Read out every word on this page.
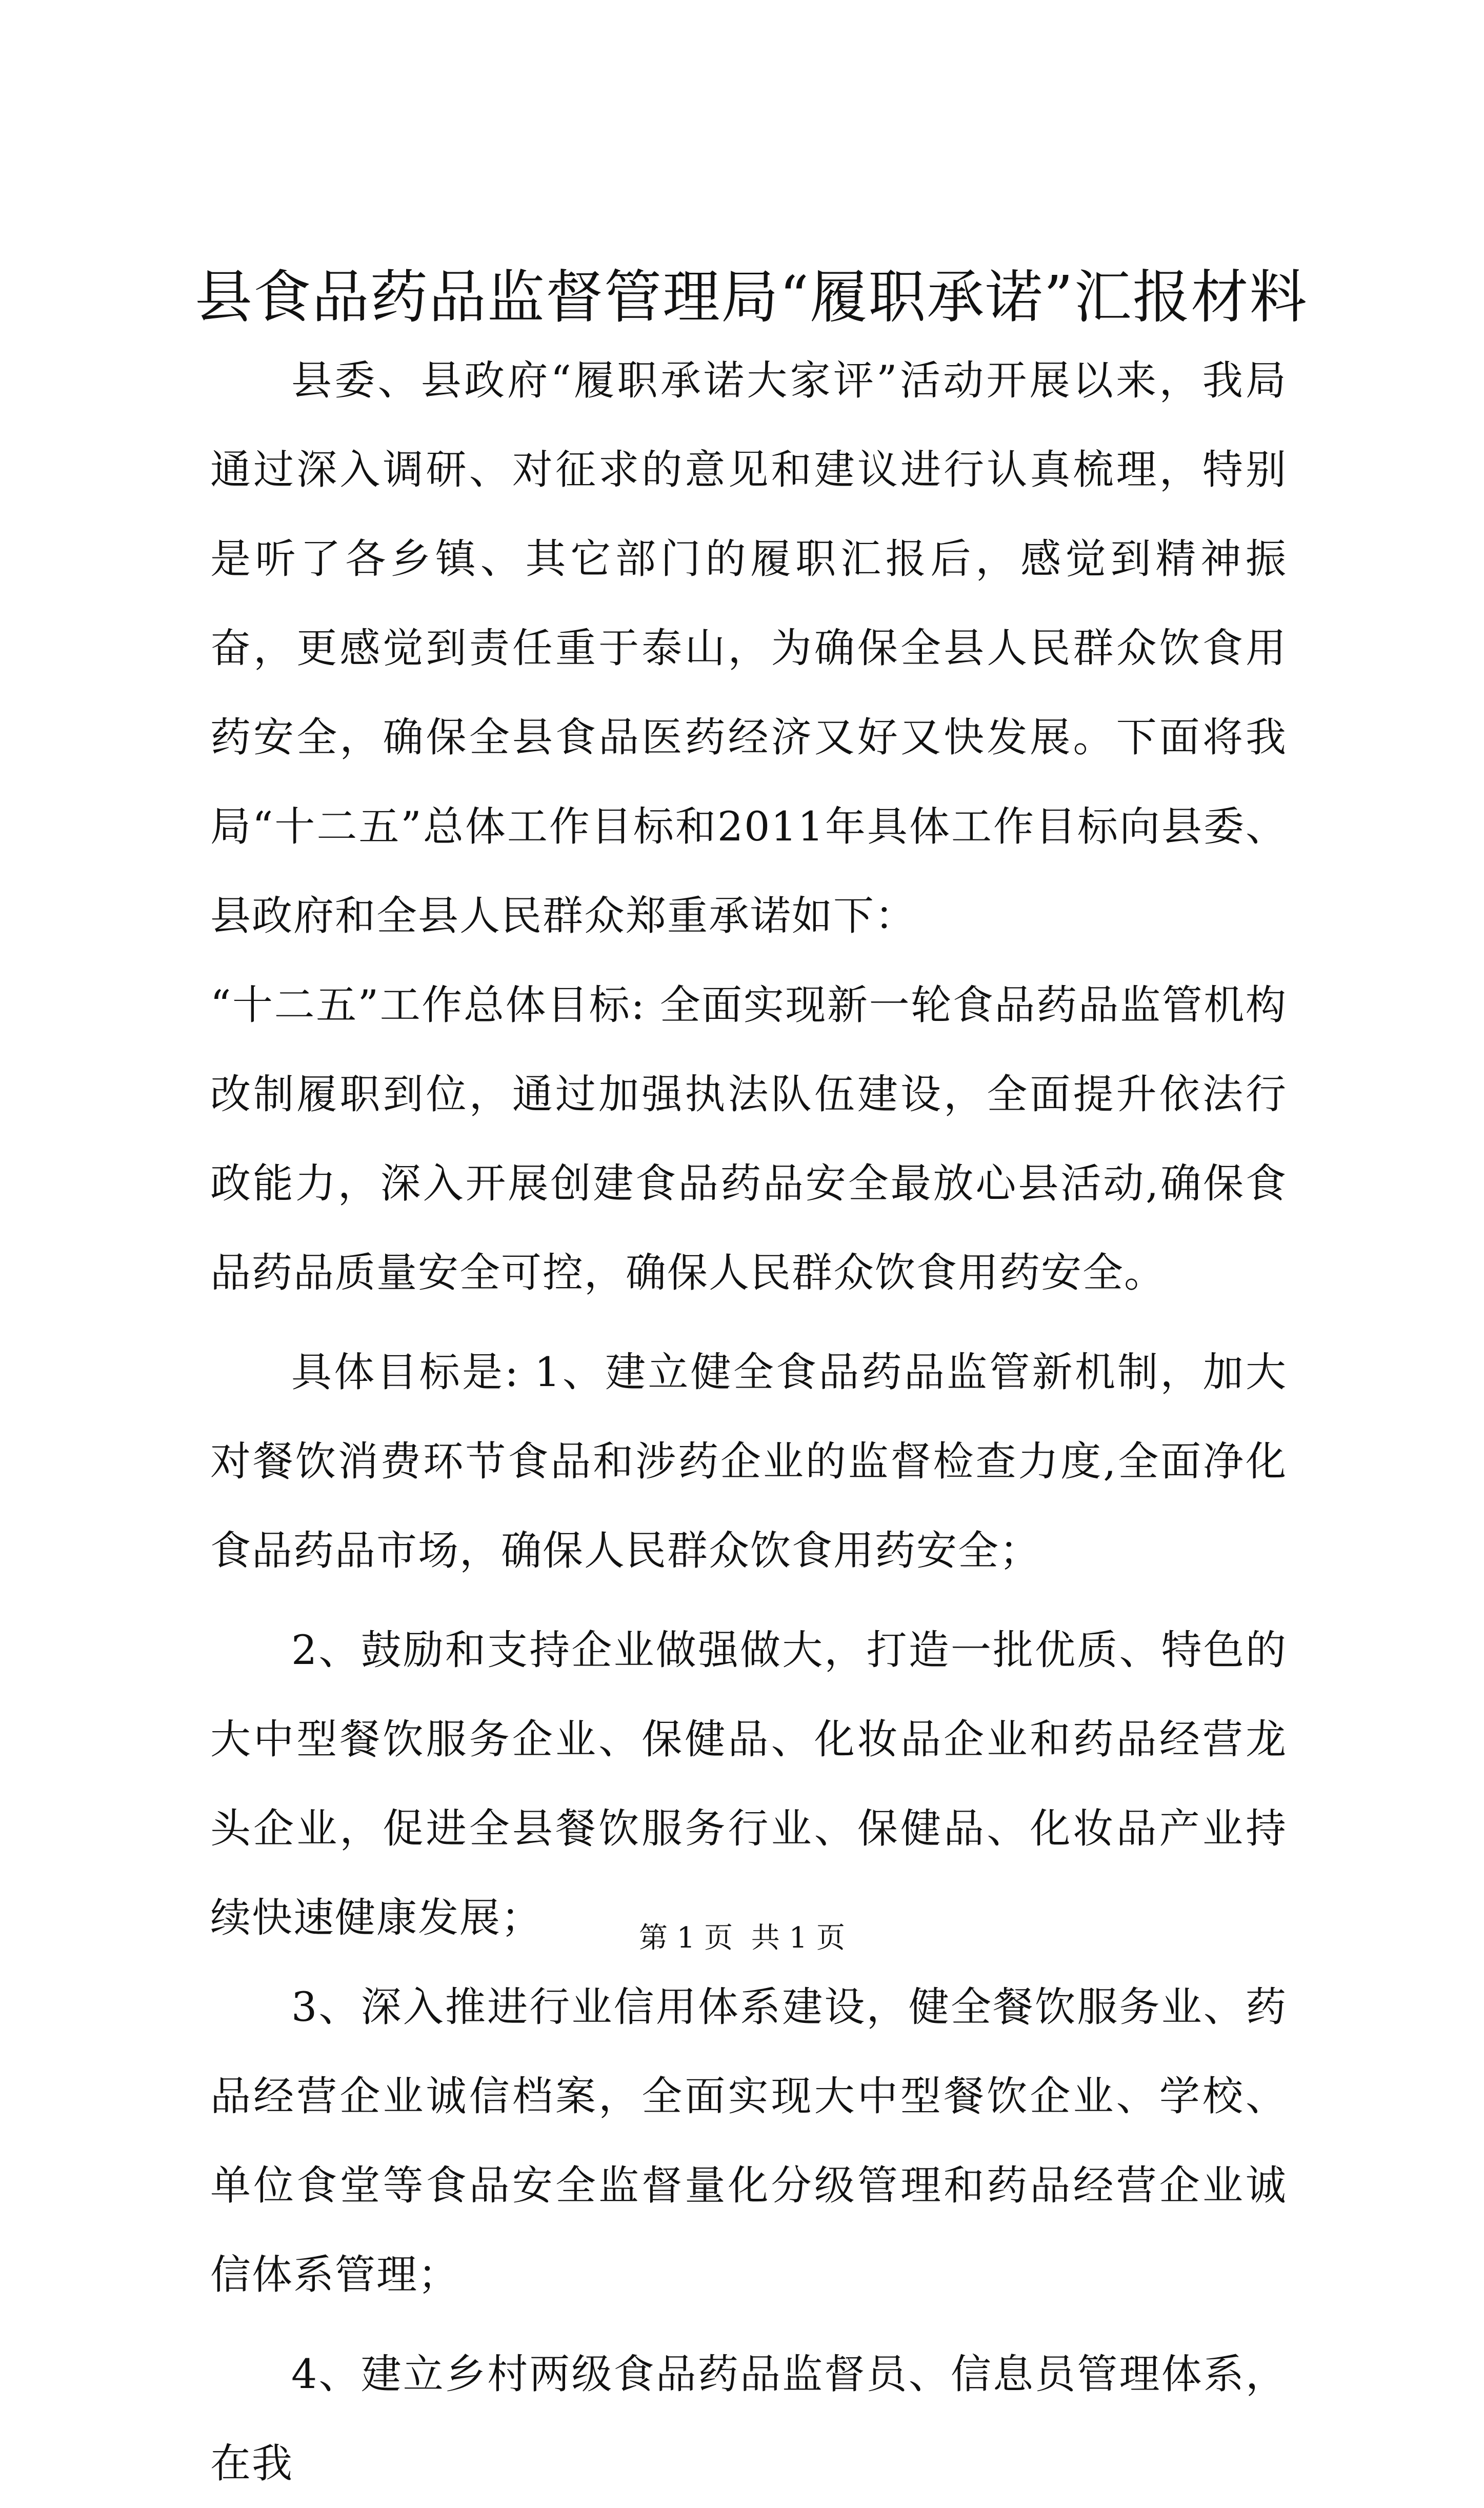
县食品药品监督管理局“履职承诺”汇报材料

县委、县政府“履职承诺大家评”活动开展以来，我局通过深入调研、对征求的意见和建议进行认真梳理，特别是听了各乡镇、其它部门的履职汇报后，感觉到精神振奋，更感觉到责任重于泰山，为确保全县人民群众饮食用药安全，确保全县食品医药经济又好又快发展。下面将我局“十二五”总体工作目标和2011年具体工作目标向县委、县政府和全县人民群众郑重承诺如下：

“十二五”工作总体目标: 全面实现新一轮食品药品监管机构改制履职到位，通过加强执法队伍建设，全面提升依法行政能力，深入开展创建食品药品安全最放心县活动,确保食品药品质量安全可控，确保人民群众饮食用药安全。

具体目标是: 1、建立健全食品药品监管新机制，加大对餐饮消费环节食品和涉药企业的监督检查力度,全面净化食品药品市场，确保人民群众饮食用药安全；

2、鼓励和支持企业做强做大，打造一批优质、特色的大中型餐饮服务企业、保健品、化妆品企业和药品经营龙头企业，促进全县餐饮服务行业、保健品、化妆品产业持续快速健康发展；

3、深入推进行业信用体系建设，健全餐饮服务业、药品经营企业诚信档案，全面实现大中型餐饮企业、学校、单位食堂等食品安全监督量化分级管理和药品经营企业诚信体系管理；

4、建立乡村两级食品药品监督员、信息员管理体系，在我

第 1 页  共 1 页
